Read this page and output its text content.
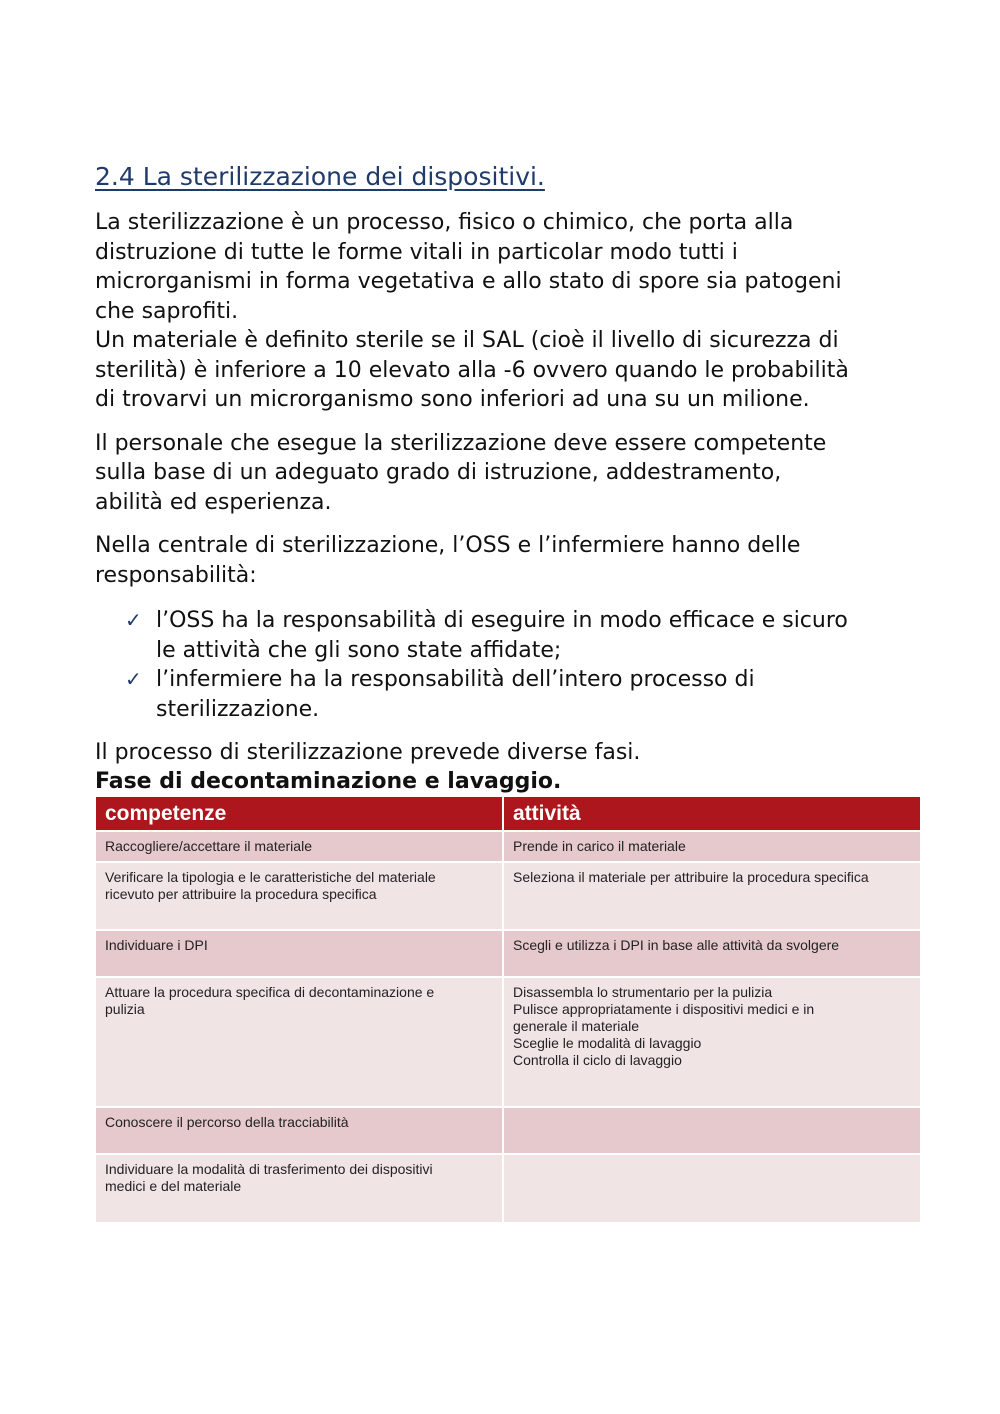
2.4 La sterilizzazione dei dispositivi.

La sterilizzazione è un processo, fisico o chimico, che porta alla
distruzione di tutte le forme vitali in particolar modo tutti i
microrganismi in forma vegetativa e allo stato di spore sia patogeni
che saprofiti.
Un materiale è definito sterile se il SAL (cioè il livello di sicurezza di
sterilità) è inferiore a 10 elevato alla -6 ovvero quando le probabilità
di trovarvi un microrganismo sono inferiori ad una su un milione.

Il personale che esegue la sterilizzazione deve essere competente
sulla base di un adeguato grado di istruzione, addestramento,
abilità ed esperienza.

Nella centrale di sterilizzazione, l’OSS e l’infermiere hanno delle
responsabilità:

✓ l’OSS ha la responsabilità di eseguire in modo efficace e sicuro
le attività che gli sono state affidate;
✓ l’infermiere ha la responsabilità dell’intero processo di
sterilizzazione.

Il processo di sterilizzazione prevede diverse fasi.

Fase di decontaminazione e lavaggio.

competenze	attività

Raccogliere/accettare il materiale	Prende in carico il materiale

Verificare la tipologia e le caratteristiche del materiale
ricevuto per attribuire la procedura specifica	Seleziona il materiale per attribuire la procedura specifica

Individuare i DPI	Scegli e utilizza i DPI in base alle attività da svolgere

Attuare la procedura specifica di decontaminazione e
pulizia	Disassembla lo strumentario per la pulizia
Pulisce appropriatamente i dispositivi medici e in
generale il materiale
Sceglie le modalità di lavaggio
Controlla il ciclo di lavaggio

Conoscere il percorso della tracciabilità	

Individuare la modalità di trasferimento dei dispositivi
medici e del materiale	
